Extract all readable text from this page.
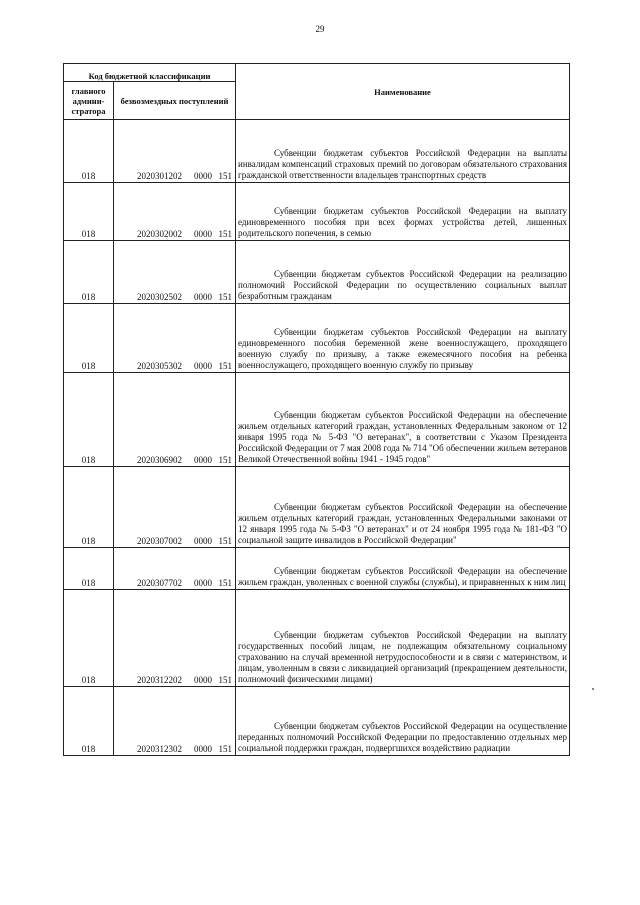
29
Код бюджетной классификации		Наименование
главного админи-стратора	безвозмездных поступлений	
018	2020301202 0000 151	Субвенции бюджетам субъектов Российской Федерации на выплаты инвалидам компенсаций страховых премий по договорам обязательного страхования гражданской ответственности владельцев транспортных средств

018	2020302002 0000 151	Субвенции бюджетам субъектов Российской Федерации на выплату единовременного пособия при всех формах устройства детей, лишенных родительского попечения, в семью

018	2020302502 0000 151	Субвенции бюджетам субъектов Российской Федерации на реализацию полномочий Российской Федерации по осуществлению социальных выплат безработным гражданам

018	2020305302 0000 151	Субвенции бюджетам субъектов Российской Федерации на выплату единовременного пособия беременной жене военнослужащего, проходящего военную службу по призыву, а также ежемесячного пособия на ребенка военнослужащего, проходящего военную службу по призыву

018	2020306902 0000 151	Субвенции бюджетам субъектов Российской Федерации на обеспечение жильем отдельных категорий граждан, установленных Федеральным законом от 12 января 1995 года № 5-ФЗ "О ветеранах", в соответствии с Указом Президента Российской Федерации от 7 мая 2008 года № 714 "Об обеспечении жильем ветеранов Великой Отечественной войны 1941 - 1945 годов"

018	2020307002 0000 151	Субвенции бюджетам субъектов Российской Федерации на обеспечение жильем отдельных категорий граждан, установленных Федеральными законами от 12 января 1995 года № 5-ФЗ "О ветеранах" и от 24 ноября 1995 года № 181-ФЗ "О социальной защите инвалидов в Российской Федерации"

018	2020307702 0000 151	Субвенции бюджетам субъектов Российской Федерации на обеспечение жильем граждан, уволенных с военной службы (службы), и приравненных к ним лиц

018	2020312202 0000 151	Субвенции бюджетам субъектов Российской Федерации на выплату государственных пособий лицам, не подлежащим обязательному социальному страхованию на случай временной нетрудоспособности и в связи с материнством, и лицам, уволенным в связи с ликвидацией организаций (прекращением деятельности, полномочий физическими лицами)

018	2020312302 0000 151	Субвенции бюджетам субъектов Российской Федерации на осуществление переданных полномочий Российской Федерации по предоставлению отдельных мер социальной поддержки граждан, подвергшихся воздействию радиации
